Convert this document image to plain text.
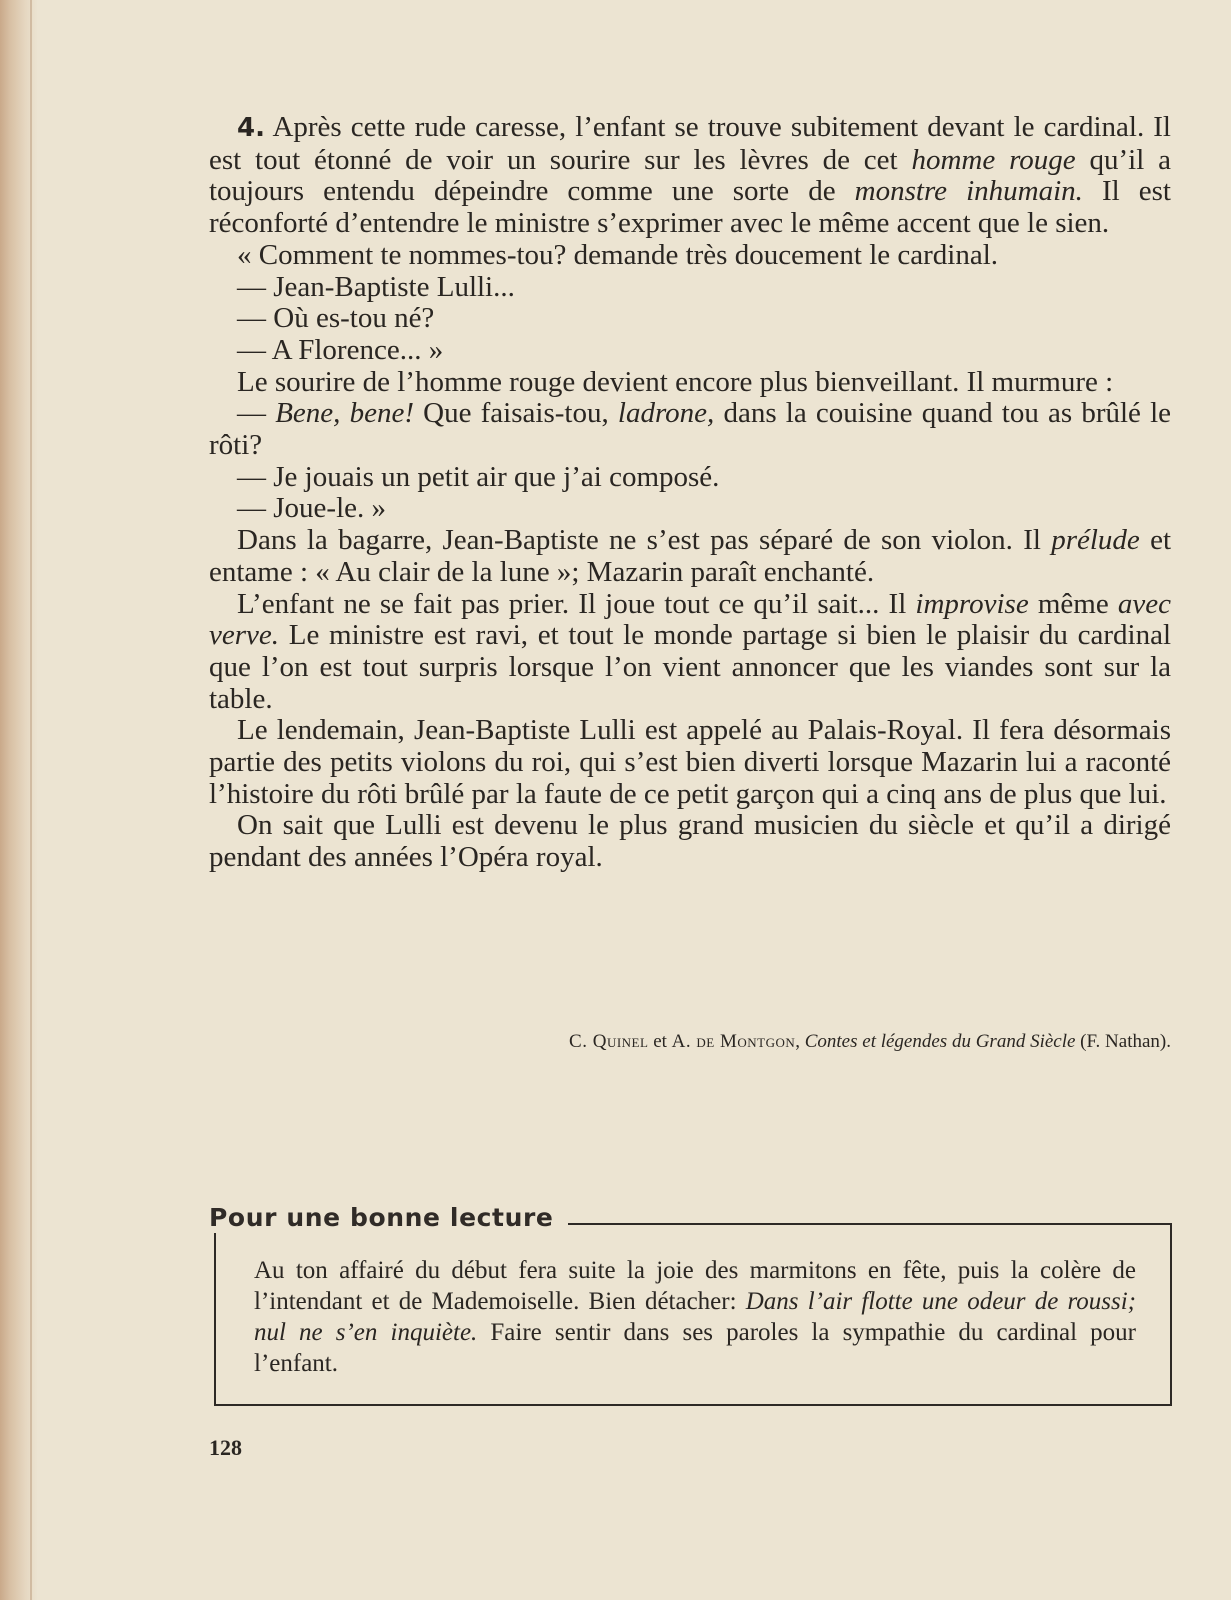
4. Après cette rude caresse, l’enfant se trouve subitement devant le cardinal. Il est tout étonné de voir un sourire sur les lèvres de cet homme rouge qu’il a toujours entendu dépeindre comme une sorte de monstre inhumain. Il est réconforté d’entendre le ministre s’exprimer avec le même accent que le sien.

« Comment te nommes-tou? demande très doucement le cardinal.

— Jean-Baptiste Lulli...

— Où es-tou né?

— A Florence... »

Le sourire de l’homme rouge devient encore plus bienveillant. Il murmure :

— Bene, bene! Que faisais-tou, ladrone, dans la couisine quand tou as brûlé le rôti?

— Je jouais un petit air que j’ai composé.

— Joue-le. »

Dans la bagarre, Jean-Baptiste ne s’est pas séparé de son violon. Il prélude et entame : « Au clair de la lune »; Mazarin paraît enchanté.

L’enfant ne se fait pas prier. Il joue tout ce qu’il sait... Il improvise même avec verve. Le ministre est ravi, et tout le monde partage si bien le plaisir du cardinal que l’on est tout surpris lorsque l’on vient annoncer que les viandes sont sur la table.

Le lendemain, Jean-Baptiste Lulli est appelé au Palais-Royal. Il fera désormais partie des petits violons du roi, qui s’est bien diverti lorsque Mazarin lui a raconté l’histoire du rôti brûlé par la faute de ce petit garçon qui a cinq ans de plus que lui.

On sait que Lulli est devenu le plus grand musicien du siècle et qu’il a dirigé pendant des années l’Opéra royal.

C. Quinel et A. de Montgon, Contes et légendes du Grand Siècle (F. Nathan).
Pour une bonne lecture
Au ton affairé du début fera suite la joie des marmitons en fête, puis la colère de l’intendant et de Mademoiselle. Bien détacher: Dans l’air flotte une odeur de roussi; nul ne s’en inquiète. Faire sentir dans ses paroles la sympathie du cardinal pour l’enfant.
128
